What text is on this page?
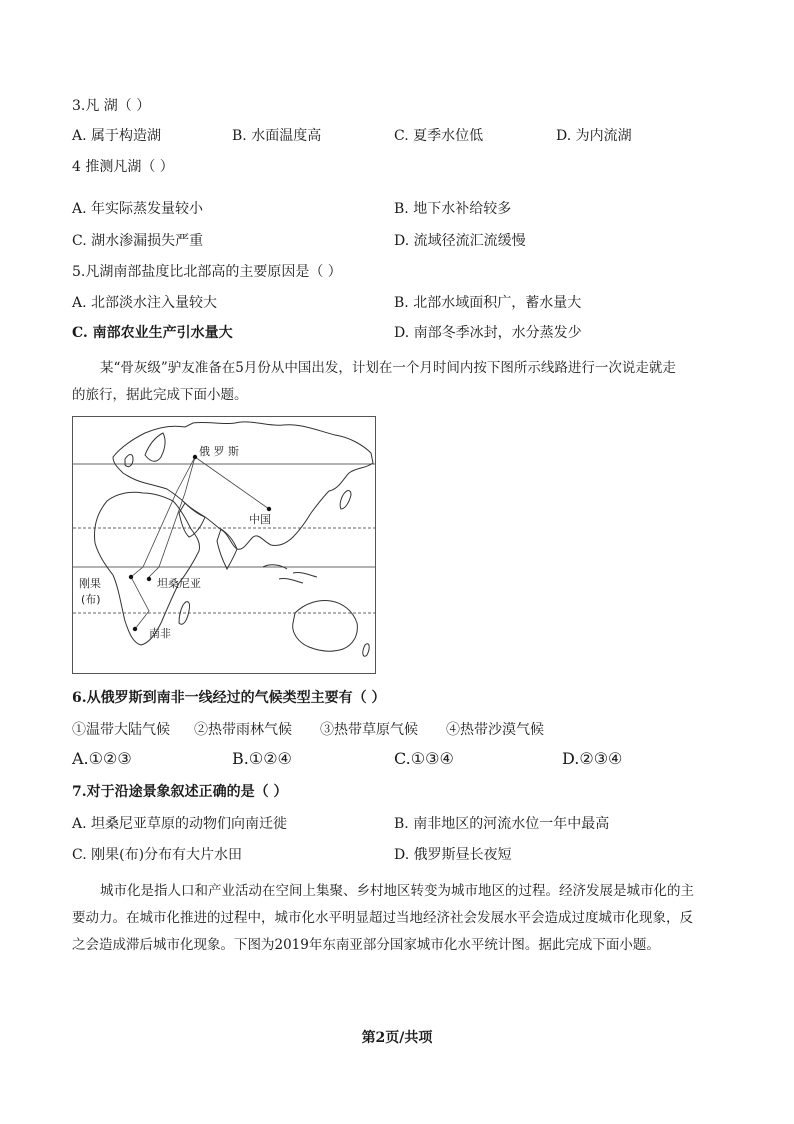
3.凡 湖（ ）
A. 属于构造湖	B. 水面温度高	C. 夏季水位低	D. 为内流湖
4 推测凡湖（ ）
A. 年实际蒸发量较小	B. 地下水补给较多
C. 湖水渗漏损失严重	D. 流域径流汇流缓慢
5.凡湖南部盐度比北部高的主要原因是（ ）
A. 北部淡水注入量较大	B. 北部水域面积广，蓄水量大
C. 南部农业生产引水量大	D. 南部冬季冰封，水分蒸发少
某“骨灰级”驴友准备在5月份从中国出发，计划在一个月时间内按下图所示线路进行一次说走就走
的旅行，据此完成下面小题。
俄 罗 斯
中国
刚果
(布)
坦桑尼亚
南非
6.从俄罗斯到南非一线经过的气候类型主要有（ ）
①温带大陆气候 ②热带雨林气候 ③热带草原气候 ④热带沙漠气候
A.①②③	B.①②④	C.①③④	D.②③④
7.对于沿途景象叙述正确的是（ ）
A. 坦桑尼亚草原的动物们向南迁徙	B. 南非地区的河流水位一年中最高
C. 刚果(布)分布有大片水田	D. 俄罗斯昼长夜短
城市化是指人口和产业活动在空间上集聚、乡村地区转变为城市地区的过程。经济发展是城市化的主
要动力。在城市化推进的过程中，城市化水平明显超过当地经济社会发展水平会造成过度城市化现象，反
之会造成滞后城市化现象。下图为2019年东南亚部分国家城市化水平统计图。据此完成下面小题。
第2页/共项
